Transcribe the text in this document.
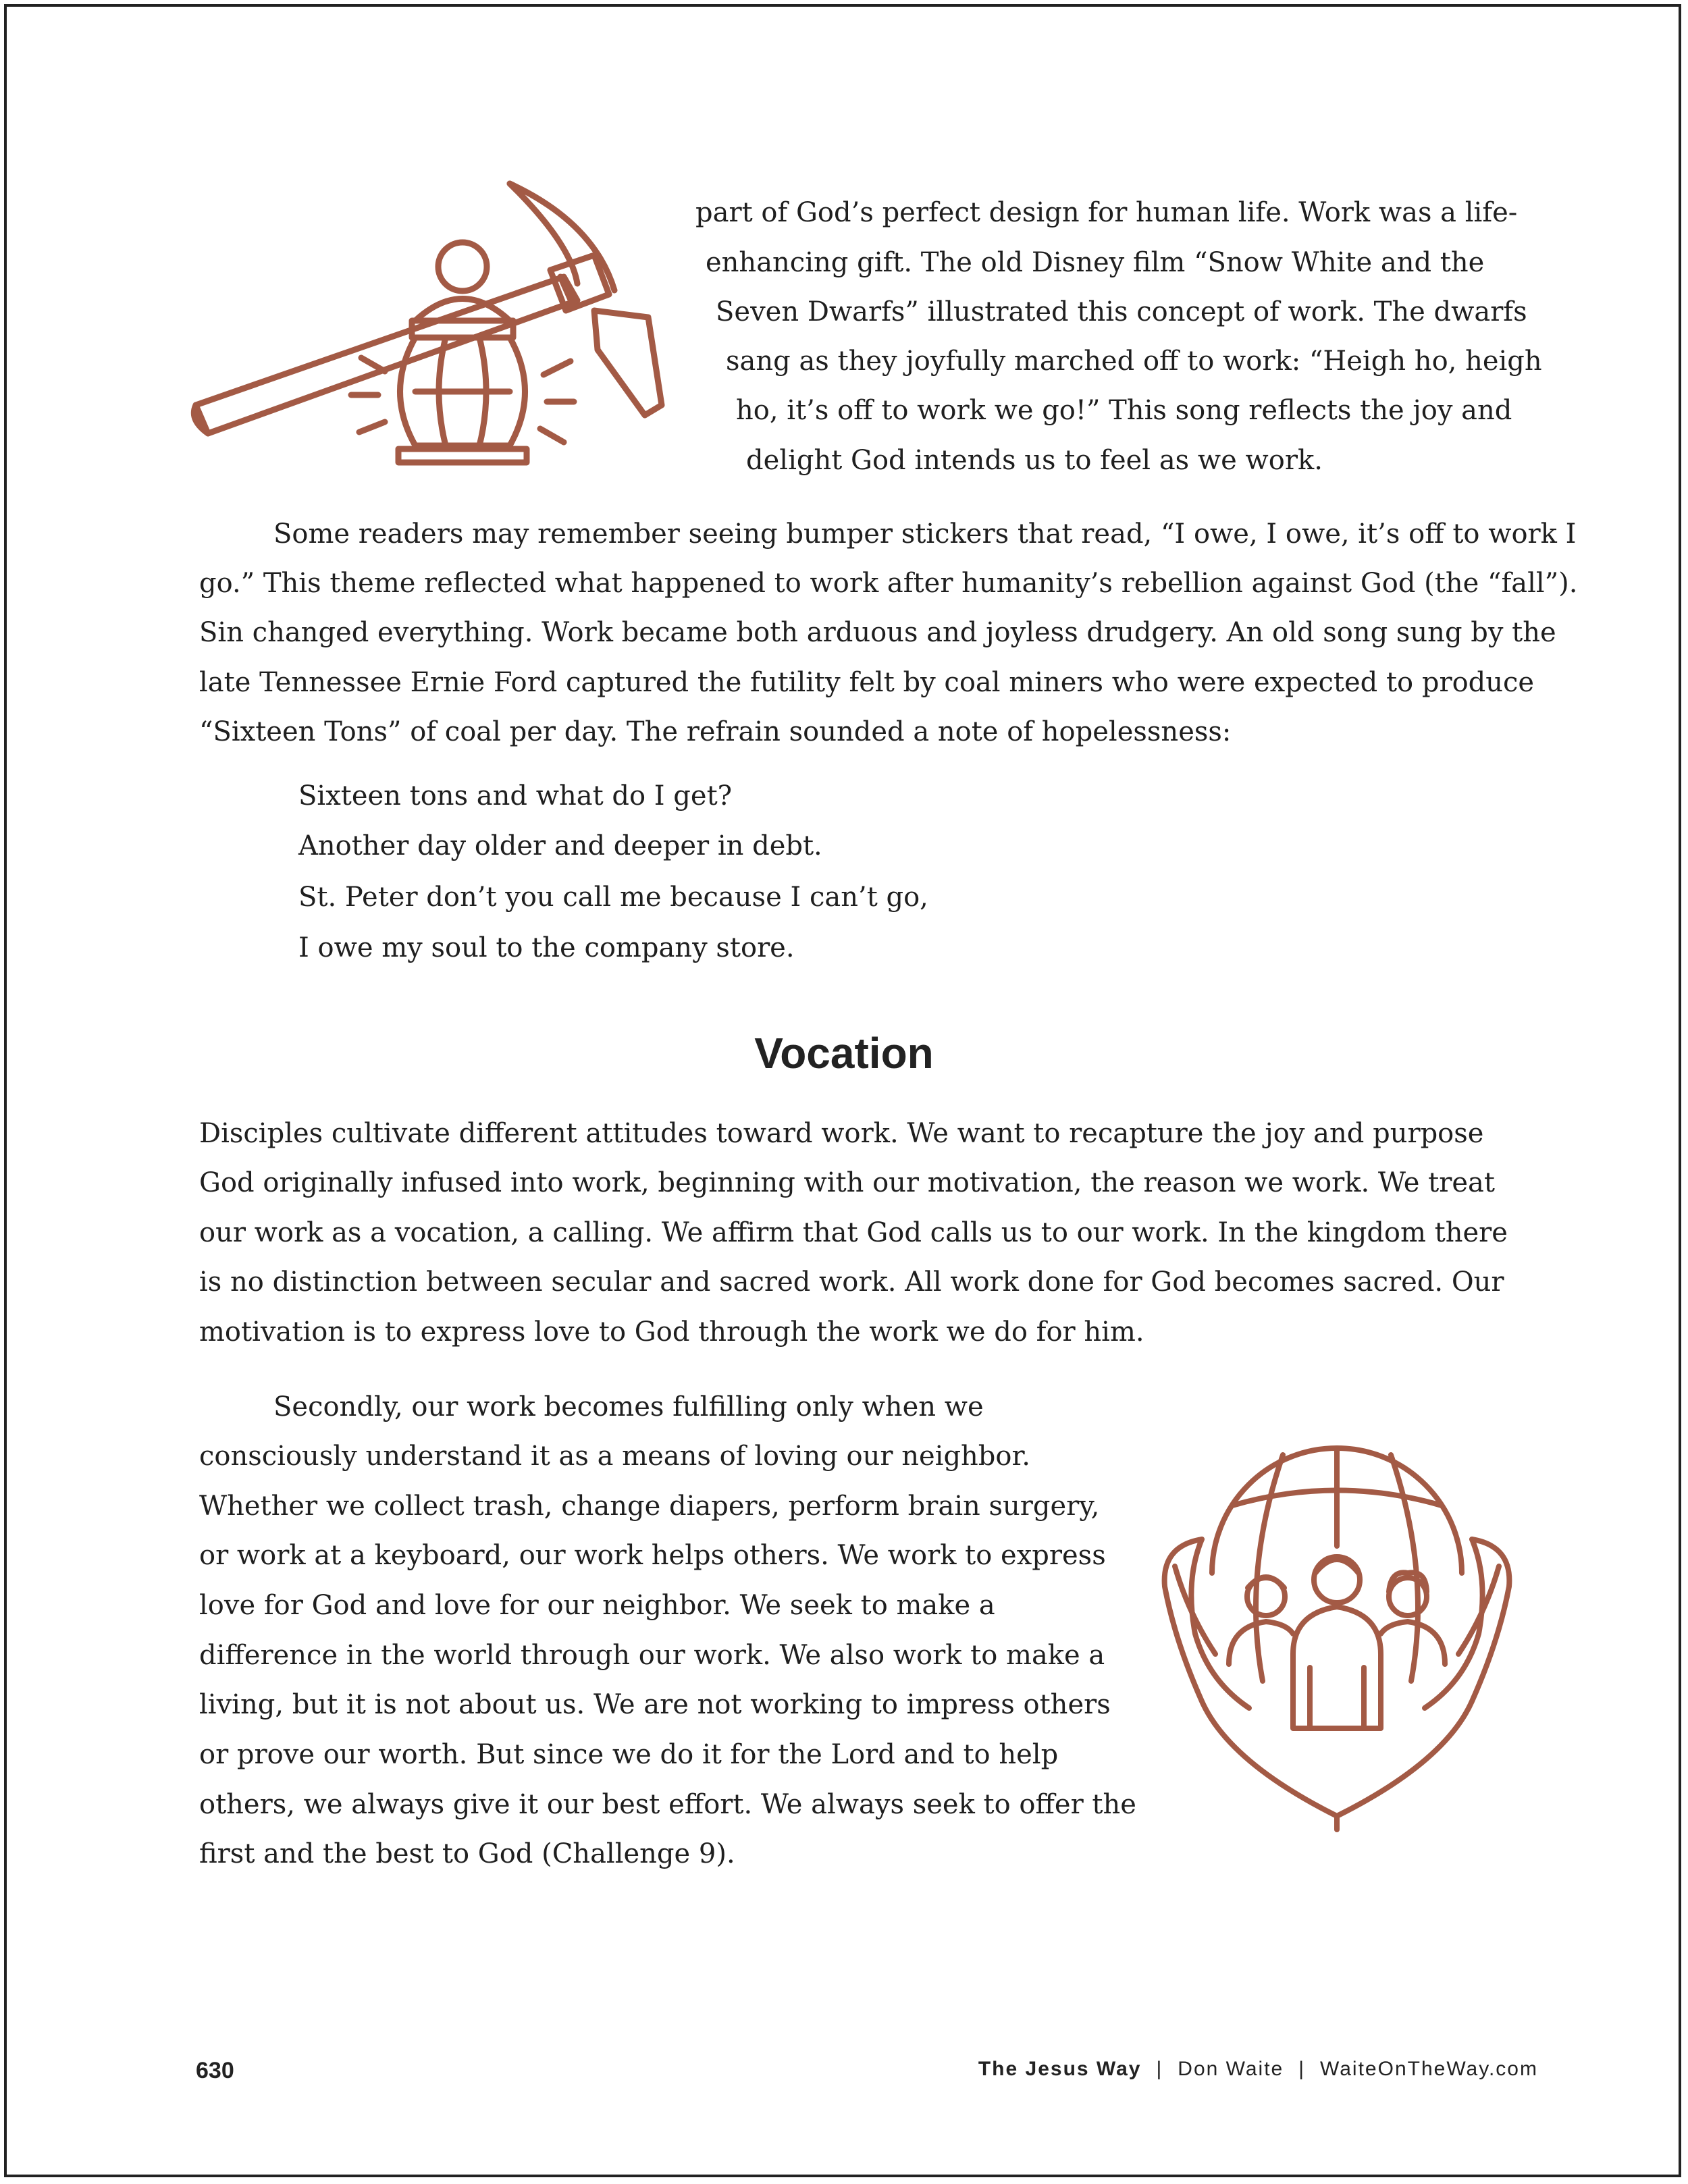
part of God’s perfect design for human life. Work was a life-
enhancing gift. The old Disney film “Snow White and the
Seven Dwarfs” illustrated this concept of work. The dwarfs
sang as they joyfully marched off to work: “Heigh ho, heigh
ho, it’s off to work we go!” This song reflects the joy and
delight God intends us to feel as we work.
Some readers may remember seeing bumper stickers that read, “I owe, I owe, it’s off to work I
go.” This theme reflected what happened to work after humanity’s rebellion against God (the “fall”).
Sin changed everything. Work became both arduous and joyless drudgery. An old song sung by the
late Tennessee Ernie Ford captured the futility felt by coal miners who were expected to produce
“Sixteen Tons” of coal per day. The refrain sounded a note of hopelessness:
Sixteen tons and what do I get?
Another day older and deeper in debt.
St. Peter don’t you call me because I can’t go,
I owe my soul to the company store.
Vocation
Disciples cultivate different attitudes toward work. We want to recapture the joy and purpose
God originally infused into work, beginning with our motivation, the reason we work. We treat
our work as a vocation, a calling. We affirm that God calls us to our work. In the kingdom there
is no distinction between secular and sacred work. All work done for God becomes sacred. Our
motivation is to express love to God through the work we do for him.
Secondly, our work becomes fulfilling only when we
consciously understand it as a means of loving our neighbor.
Whether we collect trash, change diapers, perform brain surgery,
or work at a keyboard, our work helps others. We work to express
love for God and love for our neighbor. We seek to make a
difference in the world through our work. We also work to make a
living, but it is not about us. We are not working to impress others
or prove our worth. But since we do it for the Lord and to help
others, we always give it our best effort. We always seek to offer the
first and the best to God (Challenge 9).
630	The Jesus Way | Don Waite | WaiteOnTheWay.com
